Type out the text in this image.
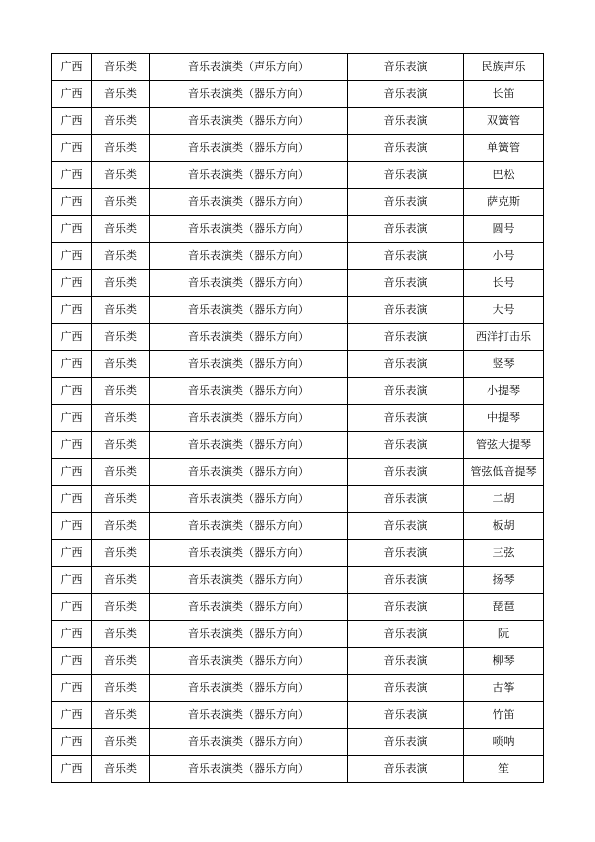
广西	音乐类	音乐表演类（声乐方向）	音乐表演	民族声乐
广西	音乐类	音乐表演类（器乐方向）	音乐表演	长笛
广西	音乐类	音乐表演类（器乐方向）	音乐表演	双簧管
广西	音乐类	音乐表演类（器乐方向）	音乐表演	单簧管
广西	音乐类	音乐表演类（器乐方向）	音乐表演	巴松
广西	音乐类	音乐表演类（器乐方向）	音乐表演	萨克斯
广西	音乐类	音乐表演类（器乐方向）	音乐表演	圆号
广西	音乐类	音乐表演类（器乐方向）	音乐表演	小号
广西	音乐类	音乐表演类（器乐方向）	音乐表演	长号
广西	音乐类	音乐表演类（器乐方向）	音乐表演	大号
广西	音乐类	音乐表演类（器乐方向）	音乐表演	西洋打击乐
广西	音乐类	音乐表演类（器乐方向）	音乐表演	竖琴
广西	音乐类	音乐表演类（器乐方向）	音乐表演	小提琴
广西	音乐类	音乐表演类（器乐方向）	音乐表演	中提琴
广西	音乐类	音乐表演类（器乐方向）	音乐表演	管弦大提琴
广西	音乐类	音乐表演类（器乐方向）	音乐表演	管弦低音提琴
广西	音乐类	音乐表演类（器乐方向）	音乐表演	二胡
广西	音乐类	音乐表演类（器乐方向）	音乐表演	板胡
广西	音乐类	音乐表演类（器乐方向）	音乐表演	三弦
广西	音乐类	音乐表演类（器乐方向）	音乐表演	扬琴
广西	音乐类	音乐表演类（器乐方向）	音乐表演	琵琶
广西	音乐类	音乐表演类（器乐方向）	音乐表演	阮
广西	音乐类	音乐表演类（器乐方向）	音乐表演	柳琴
广西	音乐类	音乐表演类（器乐方向）	音乐表演	古筝
广西	音乐类	音乐表演类（器乐方向）	音乐表演	竹笛
广西	音乐类	音乐表演类（器乐方向）	音乐表演	唢呐
广西	音乐类	音乐表演类（器乐方向）	音乐表演	笙
